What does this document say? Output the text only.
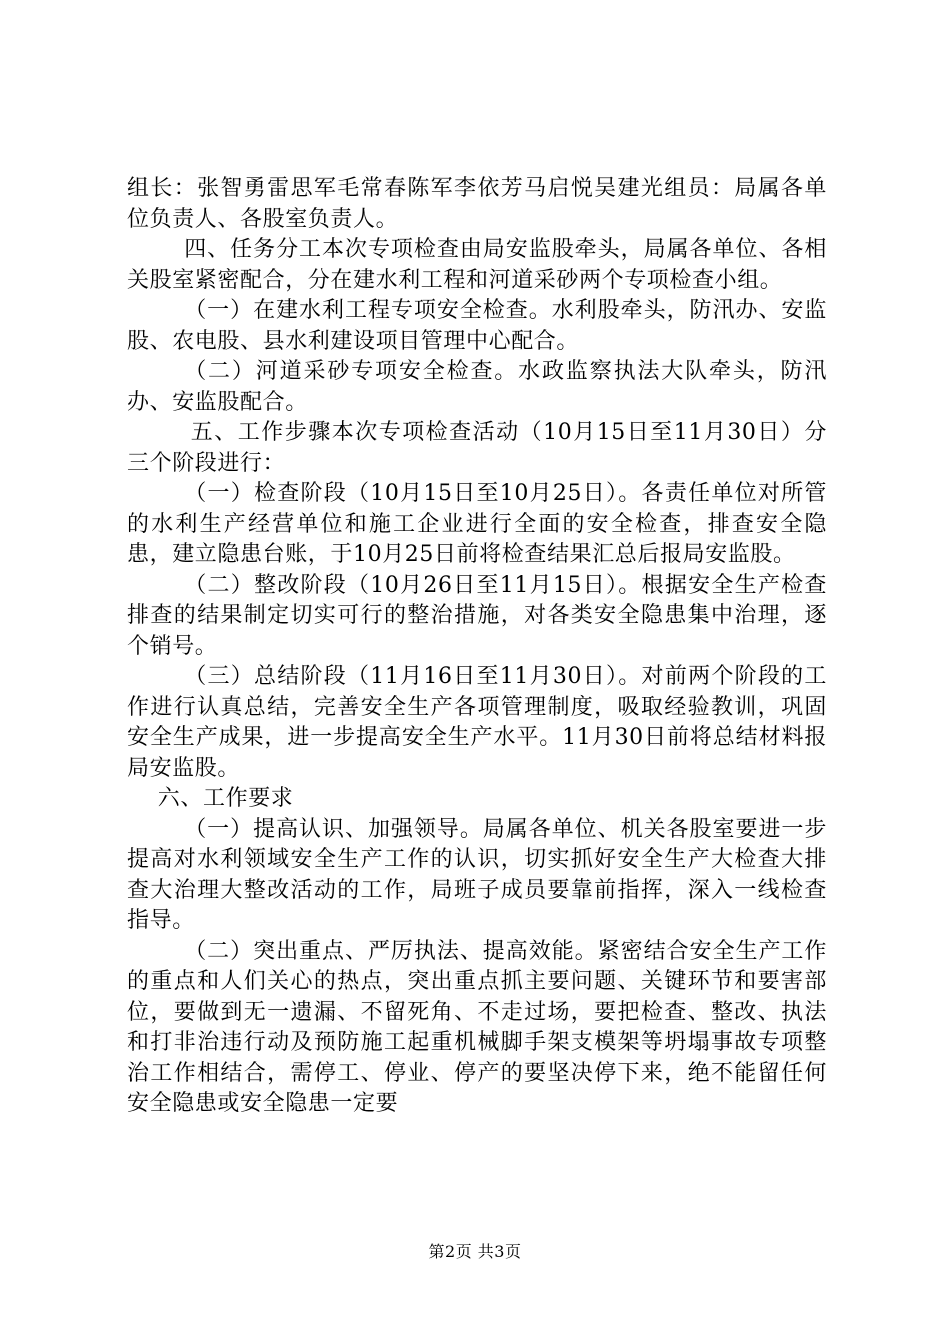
组长：张智勇雷思军毛常春陈军李依芳马启悦吴建光组员：局属各单位负责人、各股室负责人。

四、任务分工本次专项检查由局安监股牵头，局属各单位、各相关股室紧密配合，分在建水利工程和河道采砂两个专项检查小组。

（一）在建水利工程专项安全检查。水利股牵头，防汛办、安监股、农电股、县水利建设项目管理中心配合。

（二）河道采砂专项安全检查。水政监察执法大队牵头，防汛办、安监股配合。

五、工作步骤本次专项检查活动（10月15日至11月30日）分三个阶段进行：

（一）检查阶段（10月15日至10月25日）。各责任单位对所管的水利生产经营单位和施工企业进行全面的安全检查，排查安全隐患，建立隐患台账，于10月25日前将检查结果汇总后报局安监股。

（二）整改阶段（10月26日至11月15日）。根据安全生产检查排查的结果制定切实可行的整治措施，对各类安全隐患集中治理，逐个销号。

（三）总结阶段（11月16日至11月30日）。对前两个阶段的工作进行认真总结，完善安全生产各项管理制度，吸取经验教训，巩固安全生产成果，进一步提高安全生产水平。11月30日前将总结材料报局安监股。

六、工作要求

（一）提高认识、加强领导。局属各单位、机关各股室要进一步提高对水利领域安全生产工作的认识，切实抓好安全生产大检查大排查大治理大整改活动的工作，局班子成员要靠前指挥，深入一线检查指导。

（二）突出重点、严厉执法、提高效能。紧密结合安全生产工作的重点和人们关心的热点，突出重点抓主要问题、关键环节和要害部位，要做到无一遗漏、不留死角、不走过场，要把检查、整改、执法和打非治违行动及预防施工起重机械脚手架支模架等坍塌事故专项整治工作相结合，需停工、停业、停产的要坚决停下来，绝不能留任何安全隐患或安全隐患一定要

第2页 共3页
